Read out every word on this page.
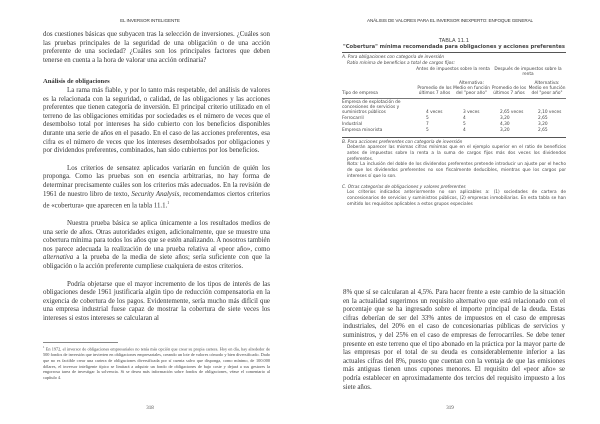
EL INVERSOR INTELIGENTE

dos cuestiones básicas que subyacen tras la selección de inversiones. ¿Cuáles son las pruebas principales de la seguridad de una obligación o de una acción preferente de una sociedad? ¿Cuáles son los principales factores que deben tenerse en cuenta a la hora de valorar una acción ordinaria?

Análisis de obligaciones

La rama más fiable, y por lo tanto más respetable, del análisis de valores es la relacionada con la seguridad, o calidad, de las obligaciones y las acciones preferentes que tienen categoría de inversión. El principal criterio utilizado en el terreno de las obligaciones emitidas por sociedades es el número de veces que el desembolso total por intereses ha sido cubierto con los beneficios disponibles durante una serie de años en el pasado. En el caso de las acciones preferentes, esa cifra es el número de veces que los intereses desembolsados por obligaciones y por dividendos preferentes, combinados, han sido cubiertos por los beneficios.

Los criterios de sensatez aplicados variarán en función de quién los proponga. Como las pruebas son en esencia arbitrarias, no hay forma de determinar precisamente cuáles son los criterios más adecuados. En la revisión de 1961 de nuestro libro de texto, Security Analysis, recomendamos ciertos criterios de «cobertura» que aparecen en la tabla 11.1.$^1$

Nuestra prueba básica se aplica únicamente a los resultados medios de una serie de años. Otras autoridades exigen, adicionalmente, que se muestre una cobertura mínima para todos los años que se estén analizando. A nosotros también nos parece adecuada la realización de una prueba relativa al «peor año», como alternativa a la prueba de la media de siete años; sería suficiente con que la obligación o la acción preferente cumpliese cualquiera de estos criterios.

Podría objetarse que el mayor incremento de los tipos de interés de las obligaciones desde 1961 justificaría algún tipo de reducción compensatoria en la exigencia de cobertura de los pagos. Evidentemente, sería mucho más difícil que una empresa industrial fuese capaz de mostrar la cobertura de siete veces los intereses si estos intereses se calcularan al

$^1$ En 1972, el inversor de obligaciones empresariales no tenía más opción que crear su propia cartera. Hoy en día, hay alrededor de 500 fondos de inversión que invierten en obligaciones empresariales, creando un lote de valores cómodo y bien diversificado. Dado que no es factible crear una cartera de obligaciones diversificada por sí cuenta salvo que disponga, como mínimo, de 100.000 dólares, el inversor inteligente típico se limitará a adquirir un fondo de obligaciones de bajo coste y dejará a sus gestores la engorrosa tarea de investigar la solvencia. Si se desea más información sobre fondos de obligaciones, véase el comentario al capítulo 4.
318
ANÁLISIS DE VALORES PARA EL INVERSOR INEXPERTO: ENFOQUE GENERAL
TABLA 11.1
"Cobertura" mínima recomendada para obligaciones y acciones preferentes
A. Para obligaciones con categoría de inversión
Ratio mínima de beneficios a total de cargos fijos:
Antes de impuestos sobre la renta	Después de impuestos sobre la renta
Tipo de empresa
Promedio de los últimos 7 años
Alternativa: Medio en función del "peor año"
Promedio de los últimos 7 años
Alternativa: Medio en función del "peor año"
Empresa de explotación de concesiones de servicios y suministros públicos	4 veces	3 veces	2,65 veces	2,10 veces
Ferrocarril	5	4	3,20	2,65
Industrial	7	5	4,30	3,20
Empresa minorista	5	4	3,20	2,65
B. Para acciones preferentes con categoría de inversión
Deberán aparecer las mismas cifras mínimas que en el ejemplo superior en el ratio de beneficios antes de impuestos sobre la renta a la suma de cargos fijos más dos veces los dividendos preferentes.
Nota: La inclusión del doble de los dividendos preferentes pretende introducir un ajuste por el hecho de que los dividendos preferentes no son fiscalmente deducibles, mientras que los cargos por intereses sí que lo son.
C. Otras categorías de obligaciones y valores preferentes
Los criterios indicados anteriormente no son aplicables a: (1) sociedades de cartera de concesionarios de servicios y suministros públicos, (2) empresas inmobiliarias. En esta tabla se han omitido los requisitos aplicables a estos grupos especiales

8% que sí se calcularan al 4,5%. Para hacer frente a este cambio de la situación en la actualidad sugerimos un requisito alternativo que está relacionado con el porcentaje que se ha ingresado sobre el importe principal de la deuda. Estas cifras deberían de ser del 33% antes de impuestos en el caso de empresas industriales, del 20% en el caso de concesionarias públicas de servicios y suministros, y del 25% en el caso de empresas de ferrocarriles. Se debe tener presente en este terreno que el tipo abonado en la práctica por la mayor parte de las empresas por el total de su deuda es considerablemente inferior a las actuales cifras del 8%, puesto que cuentan con la ventaja de que las emisiones más antiguas tienen unos cupones menores. El requisito del «peor año» se podría establecer en aproximadamente dos tercios del requisito impuesto a los siete años.

319
